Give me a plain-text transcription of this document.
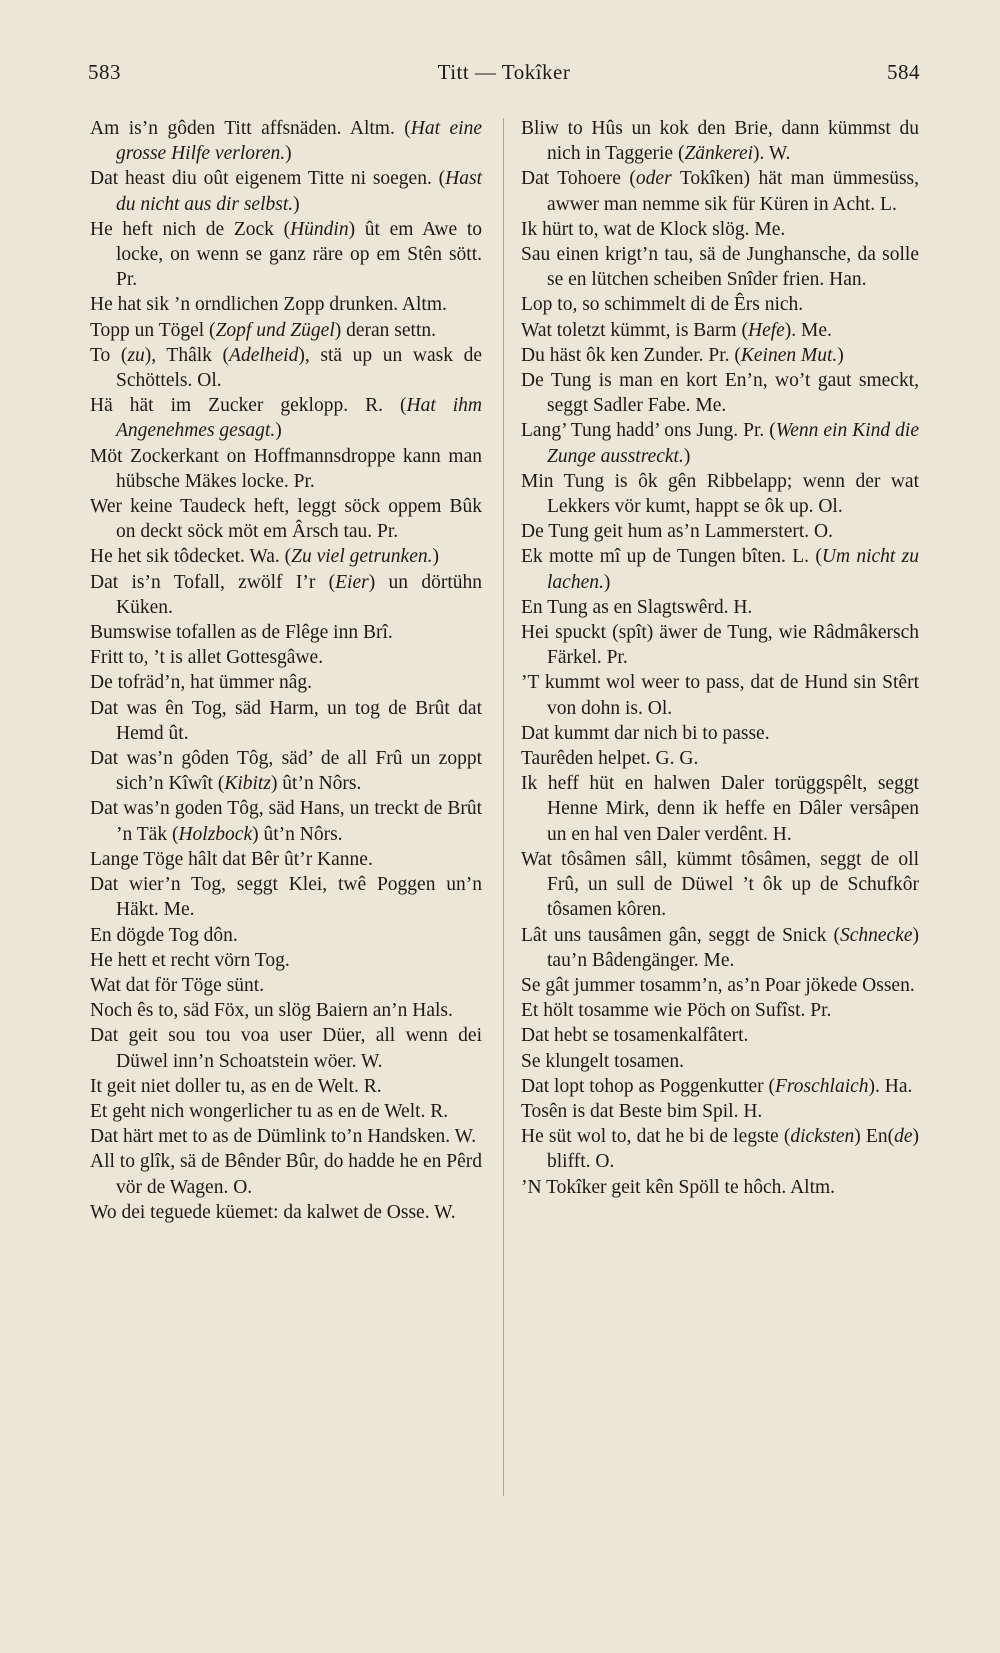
583	Titt — Tokîker	584

Am is’n gôden Titt affsnäden. Altm. (Hat eine grosse Hilfe verloren.)

Dat heast diu oût eigenem Titte ni soegen. (Hast du nicht aus dir selbst.)

He heft nich de Zock (Hündin) ût em Awe to locke, on wenn se ganz räre op em Stên sött. Pr.

He hat sik ’n orndlichen Zopp drunken. Altm.

Topp un Tögel (Zopf und Zügel) deran settn.

To (zu), Thâlk (Adelheid), stä up un wask de Schöttels. Ol.

Hä hät im Zucker geklopp. R. (Hat ihm Angenehmes gesagt.)

Möt Zockerkant on Hoffmannsdroppe kann man hübsche Mäkes locke. Pr.

Wer keine Taudeck heft, leggt söck oppem Bûk on deckt söck möt em Ârsch tau. Pr.

He het sik tôdecket. Wa. (Zu viel getrunken.)

Dat is’n Tofall, zwölf I’r (Eier) un dörtühn Küken.

Bumswise tofallen as de Flêge inn Brî.

Fritt to, ’t is allet Gottesgâwe.

De tofräd’n, hat ümmer nâg.

Dat was ên Tog, säd Harm, un tog de Brût dat Hemd ût.

Dat was’n gôden Tôg, säd’ de all Frû un zoppt sich’n Kîwît (Kibitz) ût’n Nôrs.

Dat was’n goden Tôg, säd Hans, un treckt de Brût ’n Täk (Holzbock) ût’n Nôrs.

Lange Töge hâlt dat Bêr ût’r Kanne.

Dat wier’n Tog, seggt Klei, twê Poggen un’n Häkt. Me.

En dögde Tog dôn.

He hett et recht vörn Tog.

Wat dat för Töge sünt.

Noch ês to, säd Föx, un slög Baiern an’n Hals.

Dat geit sou tou voa user Düer, all wenn dei Düwel inn’n Schoatstein wöer. W.

It geit niet doller tu, as en de Welt. R.

Et geht nich wongerlicher tu as en de Welt. R.

Dat härt met to as de Dümlink to’n Handsken. W.

All to glîk, sä de Bênder Bûr, do hadde he en Pêrd vör de Wagen. O.

Wo dei teguede küemet: da kalwet de Osse. W.

Bliw to Hûs un kok den Brie, dann kümmst du nich in Taggerie (Zänkerei). W.

Dat Tohoere (oder Tokîken) hät man ümmesüss, awwer man nemme sik für Küren in Acht. L.

Ik hürt to, wat de Klock slög. Me.

Sau einen krigt’n tau, sä de Junghansche, da solle se en lütchen scheiben Snîder frien. Han.

Lop to, so schimmelt di de Êrs nich.

Wat toletzt kümmt, is Barm (Hefe). Me.

Du häst ôk ken Zunder. Pr. (Keinen Mut.)

De Tung is man en kort En’n, wo’t gaut smeckt, seggt Sadler Fabe. Me.

Lang’ Tung hadd’ ons Jung. Pr. (Wenn ein Kind die Zunge ausstreckt.)

Min Tung is ôk gên Ribbelapp; wenn der wat Lekkers vör kumt, happt se ôk up. Ol.

De Tung geit hum as’n Lammerstert. O.

Ek motte mî up de Tungen bîten. L. (Um nicht zu lachen.)

En Tung as en Slagtswêrd. H.

Hei spuckt (spît) äwer de Tung, wie Râdmâkersch Färkel. Pr.

’T kummt wol weer to pass, dat de Hund sin Stêrt von dohn is. Ol.

Dat kummt dar nich bi to passe.

Taurêden helpet. G. G.

Ik heff hüt en halwen Daler torüggspêlt, seggt Henne Mirk, denn ik heffe en Dâler versâpen un en hal ven Daler verdênt. H.

Wat tôsâmen sâll, kümmt tôsâmen, seggt de oll Frû, un sull de Düwel ’t ôk up de Schufkôr tôsamen kôren.

Lât uns tausâmen gân, seggt de Snick (Schnecke) tau’n Bâdengänger. Me.

Se gât jummer tosamm’n, as’n Poar jökede Ossen.

Et hölt tosamme wie Pöch on Sufîst. Pr.

Dat hebt se tosamenkalfâtert.

Se klungelt tosamen.

Dat lopt tohop as Poggenkutter (Froschlaich). Ha.

Tosên is dat Beste bim Spil. H.

He süt wol to, dat he bi de legste (dicksten) En(de) blifft. O.

’N Tokîker geit kên Spöll te hôch. Altm.
